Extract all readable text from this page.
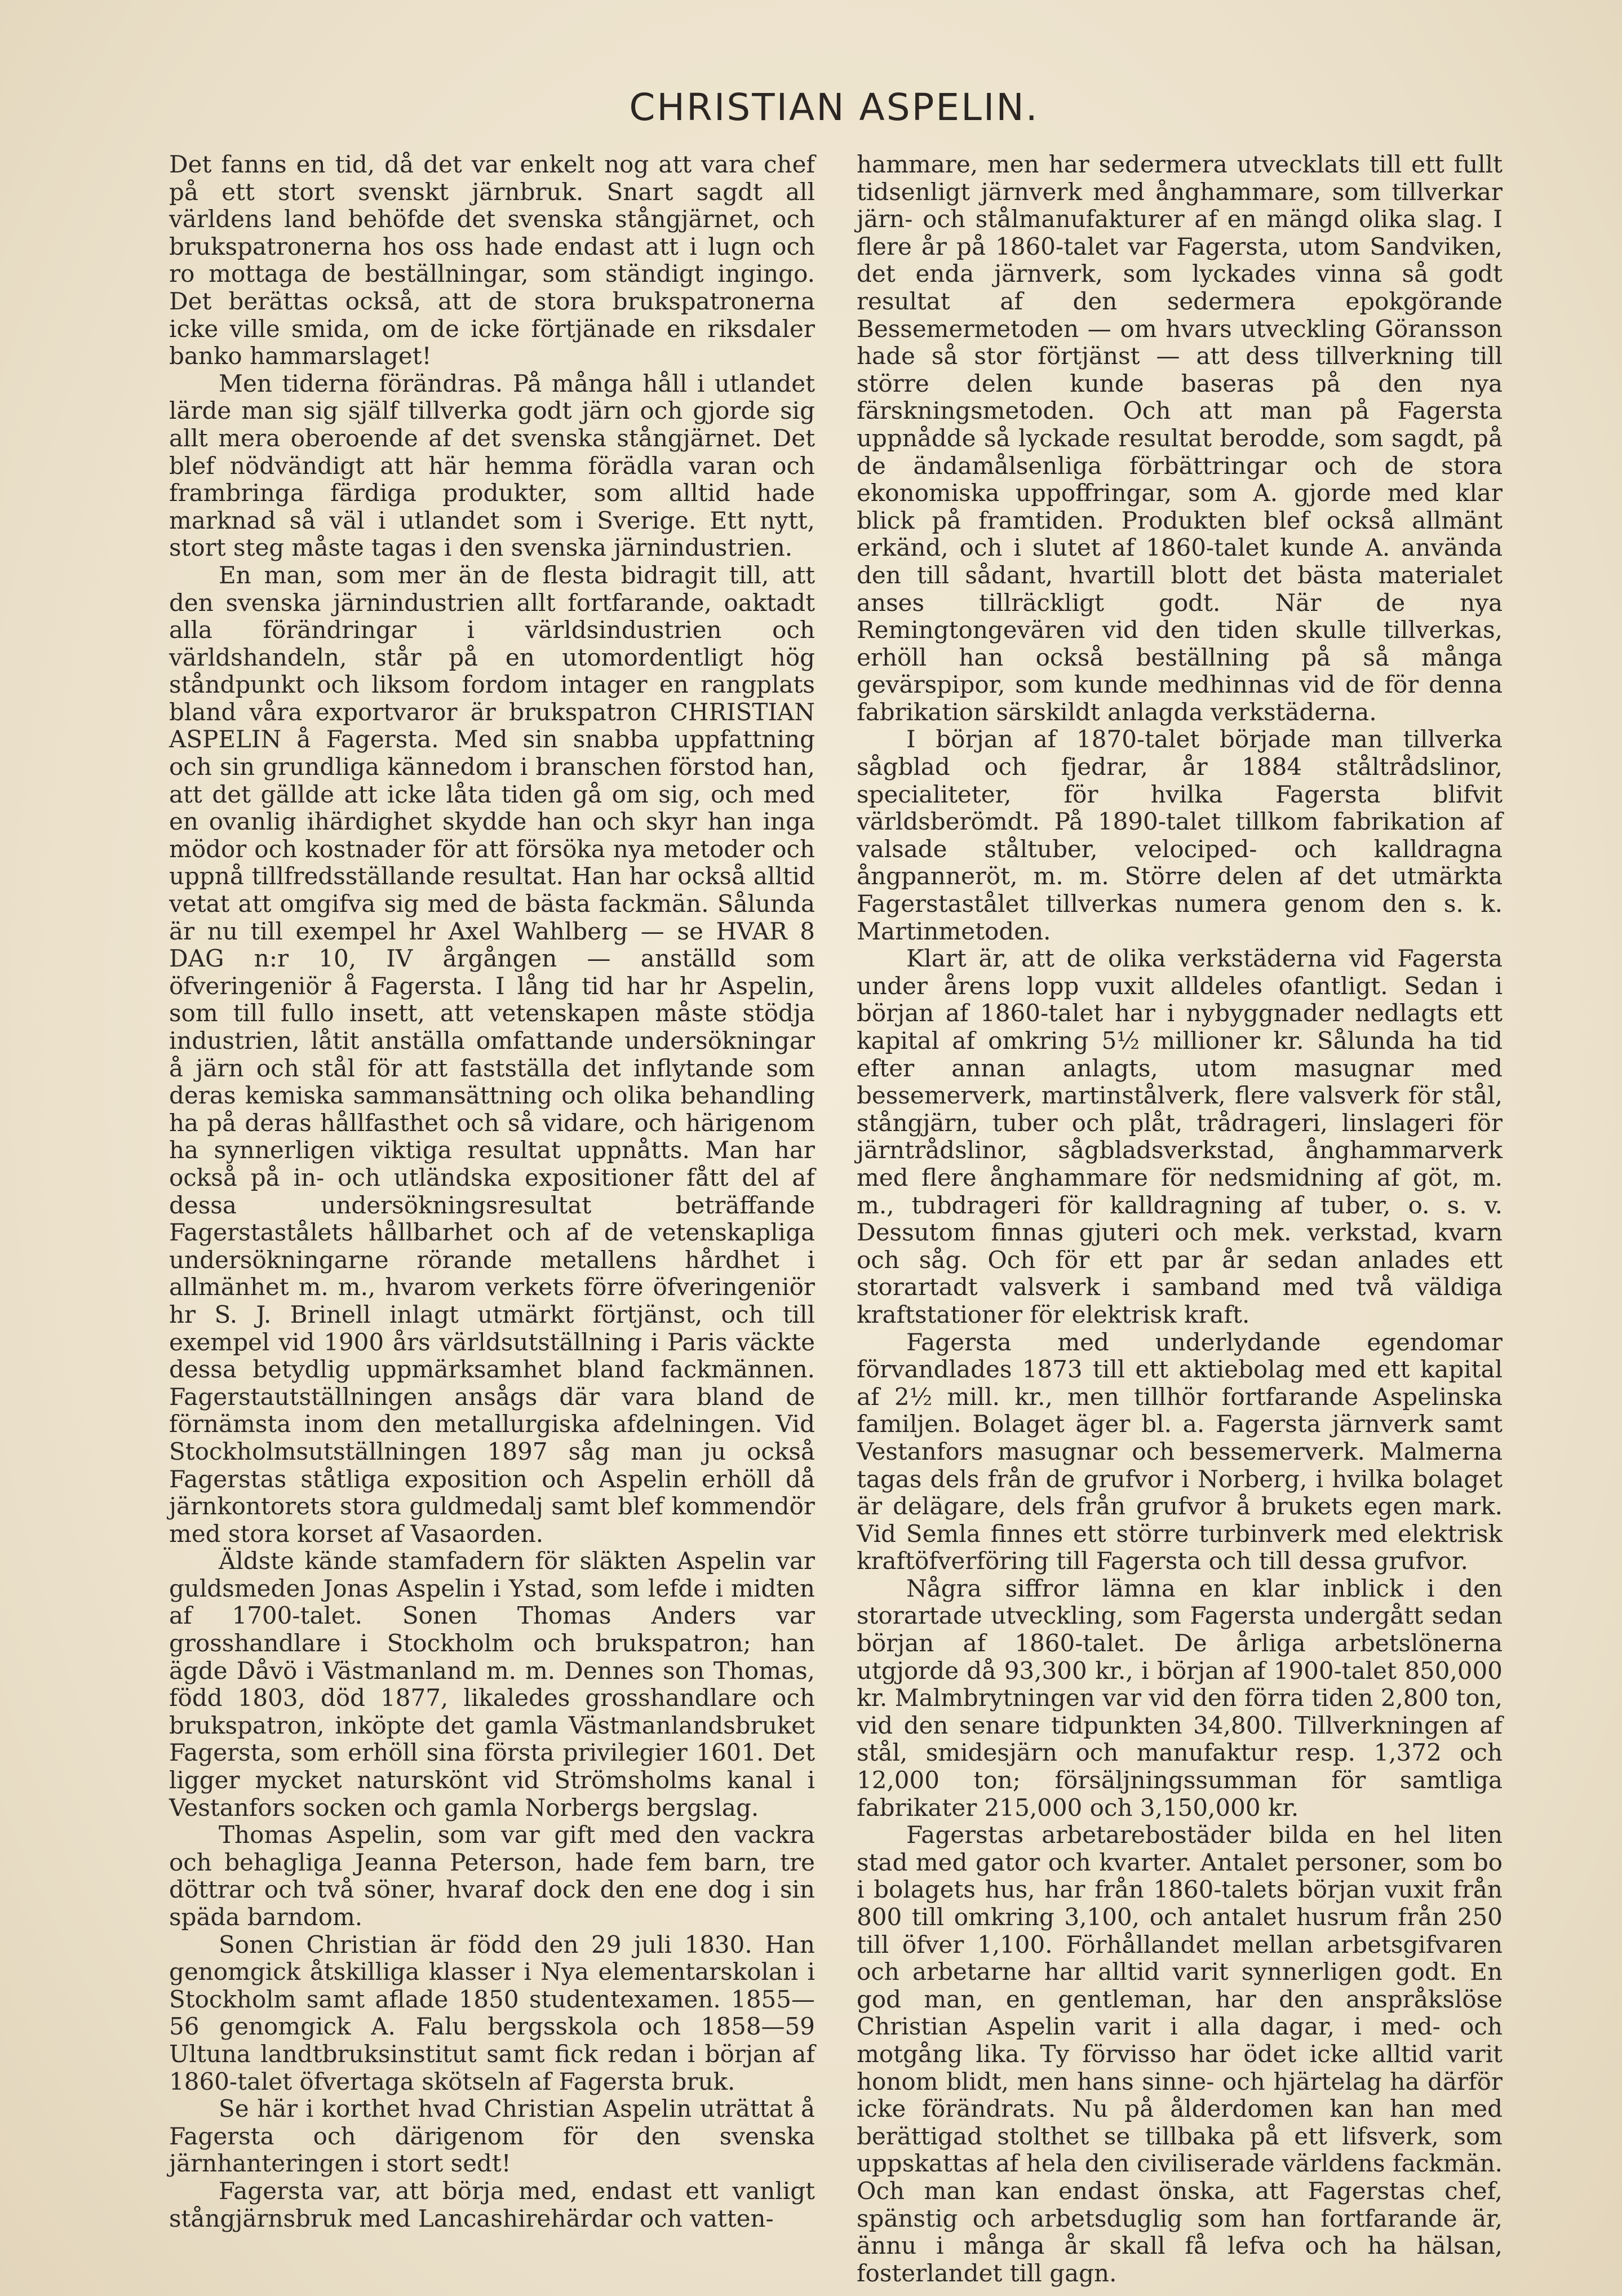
CHRISTIAN ASPELIN.

Det fanns en tid, då det var enkelt nog att vara chef på ett stort svenskt järnbruk. Snart sagdt all världens land behöfde det svenska stångjärnet, och brukspatronerna hos oss hade endast att i lugn och ro mottaga de beställningar, som ständigt ingingo. Det berättas också, att de stora brukspatronerna icke ville smida, om de icke förtjänade en riksdaler banko hammarslaget!

Men tiderna förändras. På många håll i utlandet lärde man sig själf tillverka godt järn och gjorde sig allt mera oberoende af det svenska stångjärnet. Det blef nödvändigt att här hemma förädla varan och frambringa färdiga produkter, som alltid hade marknad så väl i utlandet som i Sverige. Ett nytt, stort steg måste tagas i den svenska järnindustrien.

En man, som mer än de flesta bidragit till, att den svenska järnindustrien allt fortfarande, oaktadt alla förändringar i världsindustrien och världshandeln, står på en utomordentligt hög ståndpunkt och liksom fordom intager en rangplats bland våra exportvaror är brukspatron CHRISTIAN ASPELIN å Fagersta. Med sin snabba uppfattning och sin grundliga kännedom i branschen förstod han, att det gällde att icke låta tiden gå om sig, och med en ovanlig ihärdighet skydde han och skyr han inga mödor och kostnader för att försöka nya metoder och uppnå tillfredsställande resultat. Han har också alltid vetat att omgifva sig med de bästa fackmän. Sålunda är nu till exempel hr Axel Wahlberg — se HVAR 8 DAG n:r 10, IV årgången — anställd som öfveringeniör å Fagersta. I lång tid har hr Aspelin, som till fullo insett, att vetenskapen måste stödja industrien, låtit anställa omfattande undersökningar å järn och stål för att fastställa det inflytande som deras kemiska sammansättning och olika behandling ha på deras hållfasthet och så vidare, och härigenom ha synnerligen viktiga resultat uppnåtts. Man har också på in- och utländska expositioner fått del af dessa undersökningsresultat beträffande Fagerstastålets hållbarhet och af de vetenskapliga undersökningarne rörande metallens hårdhet i allmänhet m. m., hvarom verkets förre öfveringeniör hr S. J. Brinell inlagt utmärkt förtjänst, och till exempel vid 1900 års världsutställning i Paris väckte dessa betydlig uppmärksamhet bland fackmännen. Fagerstautställningen ansågs där vara bland de förnämsta inom den metallurgiska afdelningen. Vid Stockholmsutställningen 1897 såg man ju också Fagerstas ståtliga exposition och Aspelin erhöll då järnkontorets stora guldmedalj samt blef kommendör med stora korset af Vasaorden.

Äldste kände stamfadern för släkten Aspelin var guldsmeden Jonas Aspelin i Ystad, som lefde i midten af 1700-talet. Sonen Thomas Anders var grosshandlare i Stockholm och brukspatron; han ägde Dåvö i Västmanland m. m. Dennes son Thomas, född 1803, död 1877, likaledes grosshandlare och brukspatron, inköpte det gamla Västmanlandsbruket Fagersta, som erhöll sina första privilegier 1601. Det ligger mycket naturskönt vid Strömsholms kanal i Vestanfors socken och gamla Norbergs bergslag.

Thomas Aspelin, som var gift med den vackra och behagliga Jeanna Peterson, hade fem barn, tre döttrar och två söner, hvaraf dock den ene dog i sin späda barndom.

Sonen Christian är född den 29 juli 1830. Han genomgick åtskilliga klasser i Nya elementarskolan i Stockholm samt aflade 1850 studentexamen. 1855—56 genomgick A. Falu bergsskola och 1858—59 Ultuna landtbruksinstitut samt fick redan i början af 1860-talet öfvertaga skötseln af Fagersta bruk.

Se här i korthet hvad Christian Aspelin uträttat å Fagersta och därigenom för den svenska järnhanteringen i stort sedt!

Fagersta var, att börja med, endast ett vanligt stångjärnsbruk med Lancashirehärdar och vatten-

hammare, men har sedermera utvecklats till ett fullt tidsenligt järnverk med ånghammare, som tillverkar järn- och stålmanufakturer af en mängd olika slag. I flere år på 1860-talet var Fagersta, utom Sandviken, det enda järnverk, som lyckades vinna så godt resultat af den sedermera epokgörande Bessemermetoden — om hvars utveckling Göransson hade så stor förtjänst — att dess tillverkning till större delen kunde baseras på den nya färskningsmetoden. Och att man på Fagersta uppnådde så lyckade resultat berodde, som sagdt, på de ändamålsenliga förbättringar och de stora ekonomiska uppoffringar, som A. gjorde med klar blick på framtiden. Produkten blef också allmänt erkänd, och i slutet af 1860-talet kunde A. använda den till sådant, hvartill blott det bästa materialet anses tillräckligt godt. När de nya Remingtongevären vid den tiden skulle tillverkas, erhöll han också beställning på så många gevärspipor, som kunde medhinnas vid de för denna fabrikation särskildt anlagda verkstäderna.

I början af 1870-talet började man tillverka sågblad och fjedrar, år 1884 ståltrådslinor, specialiteter, för hvilka Fagersta blifvit världsberömdt. På 1890-talet tillkom fabrikation af valsade ståltuber, velociped- och kalldragna ångpanneröt, m. m. Större delen af det utmärkta Fagerstastålet tillverkas numera genom den s. k. Martinmetoden.

Klart är, att de olika verkstäderna vid Fagersta under årens lopp vuxit alldeles ofantligt. Sedan i början af 1860-talet har i nybyggnader nedlagts ett kapital af omkring 5½ millioner kr. Sålunda ha tid efter annan anlagts, utom masugnar med bessemerverk, martinstålverk, flere valsverk för stål, stångjärn, tuber och plåt, trådrageri, linslageri för järntrådslinor, sågbladsverkstad, ånghammarverk med flere ånghammare för nedsmidning af göt, m. m., tubdrageri för kalldragning af tuber, o. s. v. Dessutom finnas gjuteri och mek. verkstad, kvarn och såg. Och för ett par år sedan anlades ett storartadt valsverk i samband med två väldiga kraftstationer för elektrisk kraft.

Fagersta med underlydande egendomar förvandlades 1873 till ett aktiebolag med ett kapital af 2½ mill. kr., men tillhör fortfarande Aspelinska familjen. Bolaget äger bl. a. Fagersta järnverk samt Vestanfors masugnar och bessemerverk. Malmerna tagas dels från de grufvor i Norberg, i hvilka bolaget är delägare, dels från grufvor å brukets egen mark. Vid Semla finnes ett större turbinverk med elektrisk kraftöfverföring till Fagersta och till dessa grufvor.

Några siffror lämna en klar inblick i den storartade utveckling, som Fagersta undergått sedan början af 1860-talet. De årliga arbetslönerna utgjorde då 93,300 kr., i början af 1900-talet 850,000 kr. Malmbrytningen var vid den förra tiden 2,800 ton, vid den senare tidpunkten 34,800. Tillverkningen af stål, smidesjärn och manufaktur resp. 1,372 och 12,000 ton; försäljningssumman för samtliga fabrikater 215,000 och 3,150,000 kr.

Fagerstas arbetarebostäder bilda en hel liten stad med gator och kvarter. Antalet personer, som bo i bolagets hus, har från 1860-talets början vuxit från 800 till omkring 3,100, och antalet husrum från 250 till öfver 1,100. Förhållandet mellan arbetsgifvaren och arbetarne har alltid varit synnerligen godt. En god man, en gentleman, har den anspråkslöse Christian Aspelin varit i alla dagar, i med- och motgång lika. Ty förvisso har ödet icke alltid varit honom blidt, men hans sinne- och hjärtelag ha därför icke förändrats. Nu på ålderdomen kan han med berättigad stolthet se tillbaka på ett lifsverk, som uppskattas af hela den civiliserade världens fackmän. Och man kan endast önska, att Fagerstas chef, spänstig och arbetsduglig som han fortfarande är, ännu i många år skall få lefva och ha hälsan, fosterlandet till gagn.
